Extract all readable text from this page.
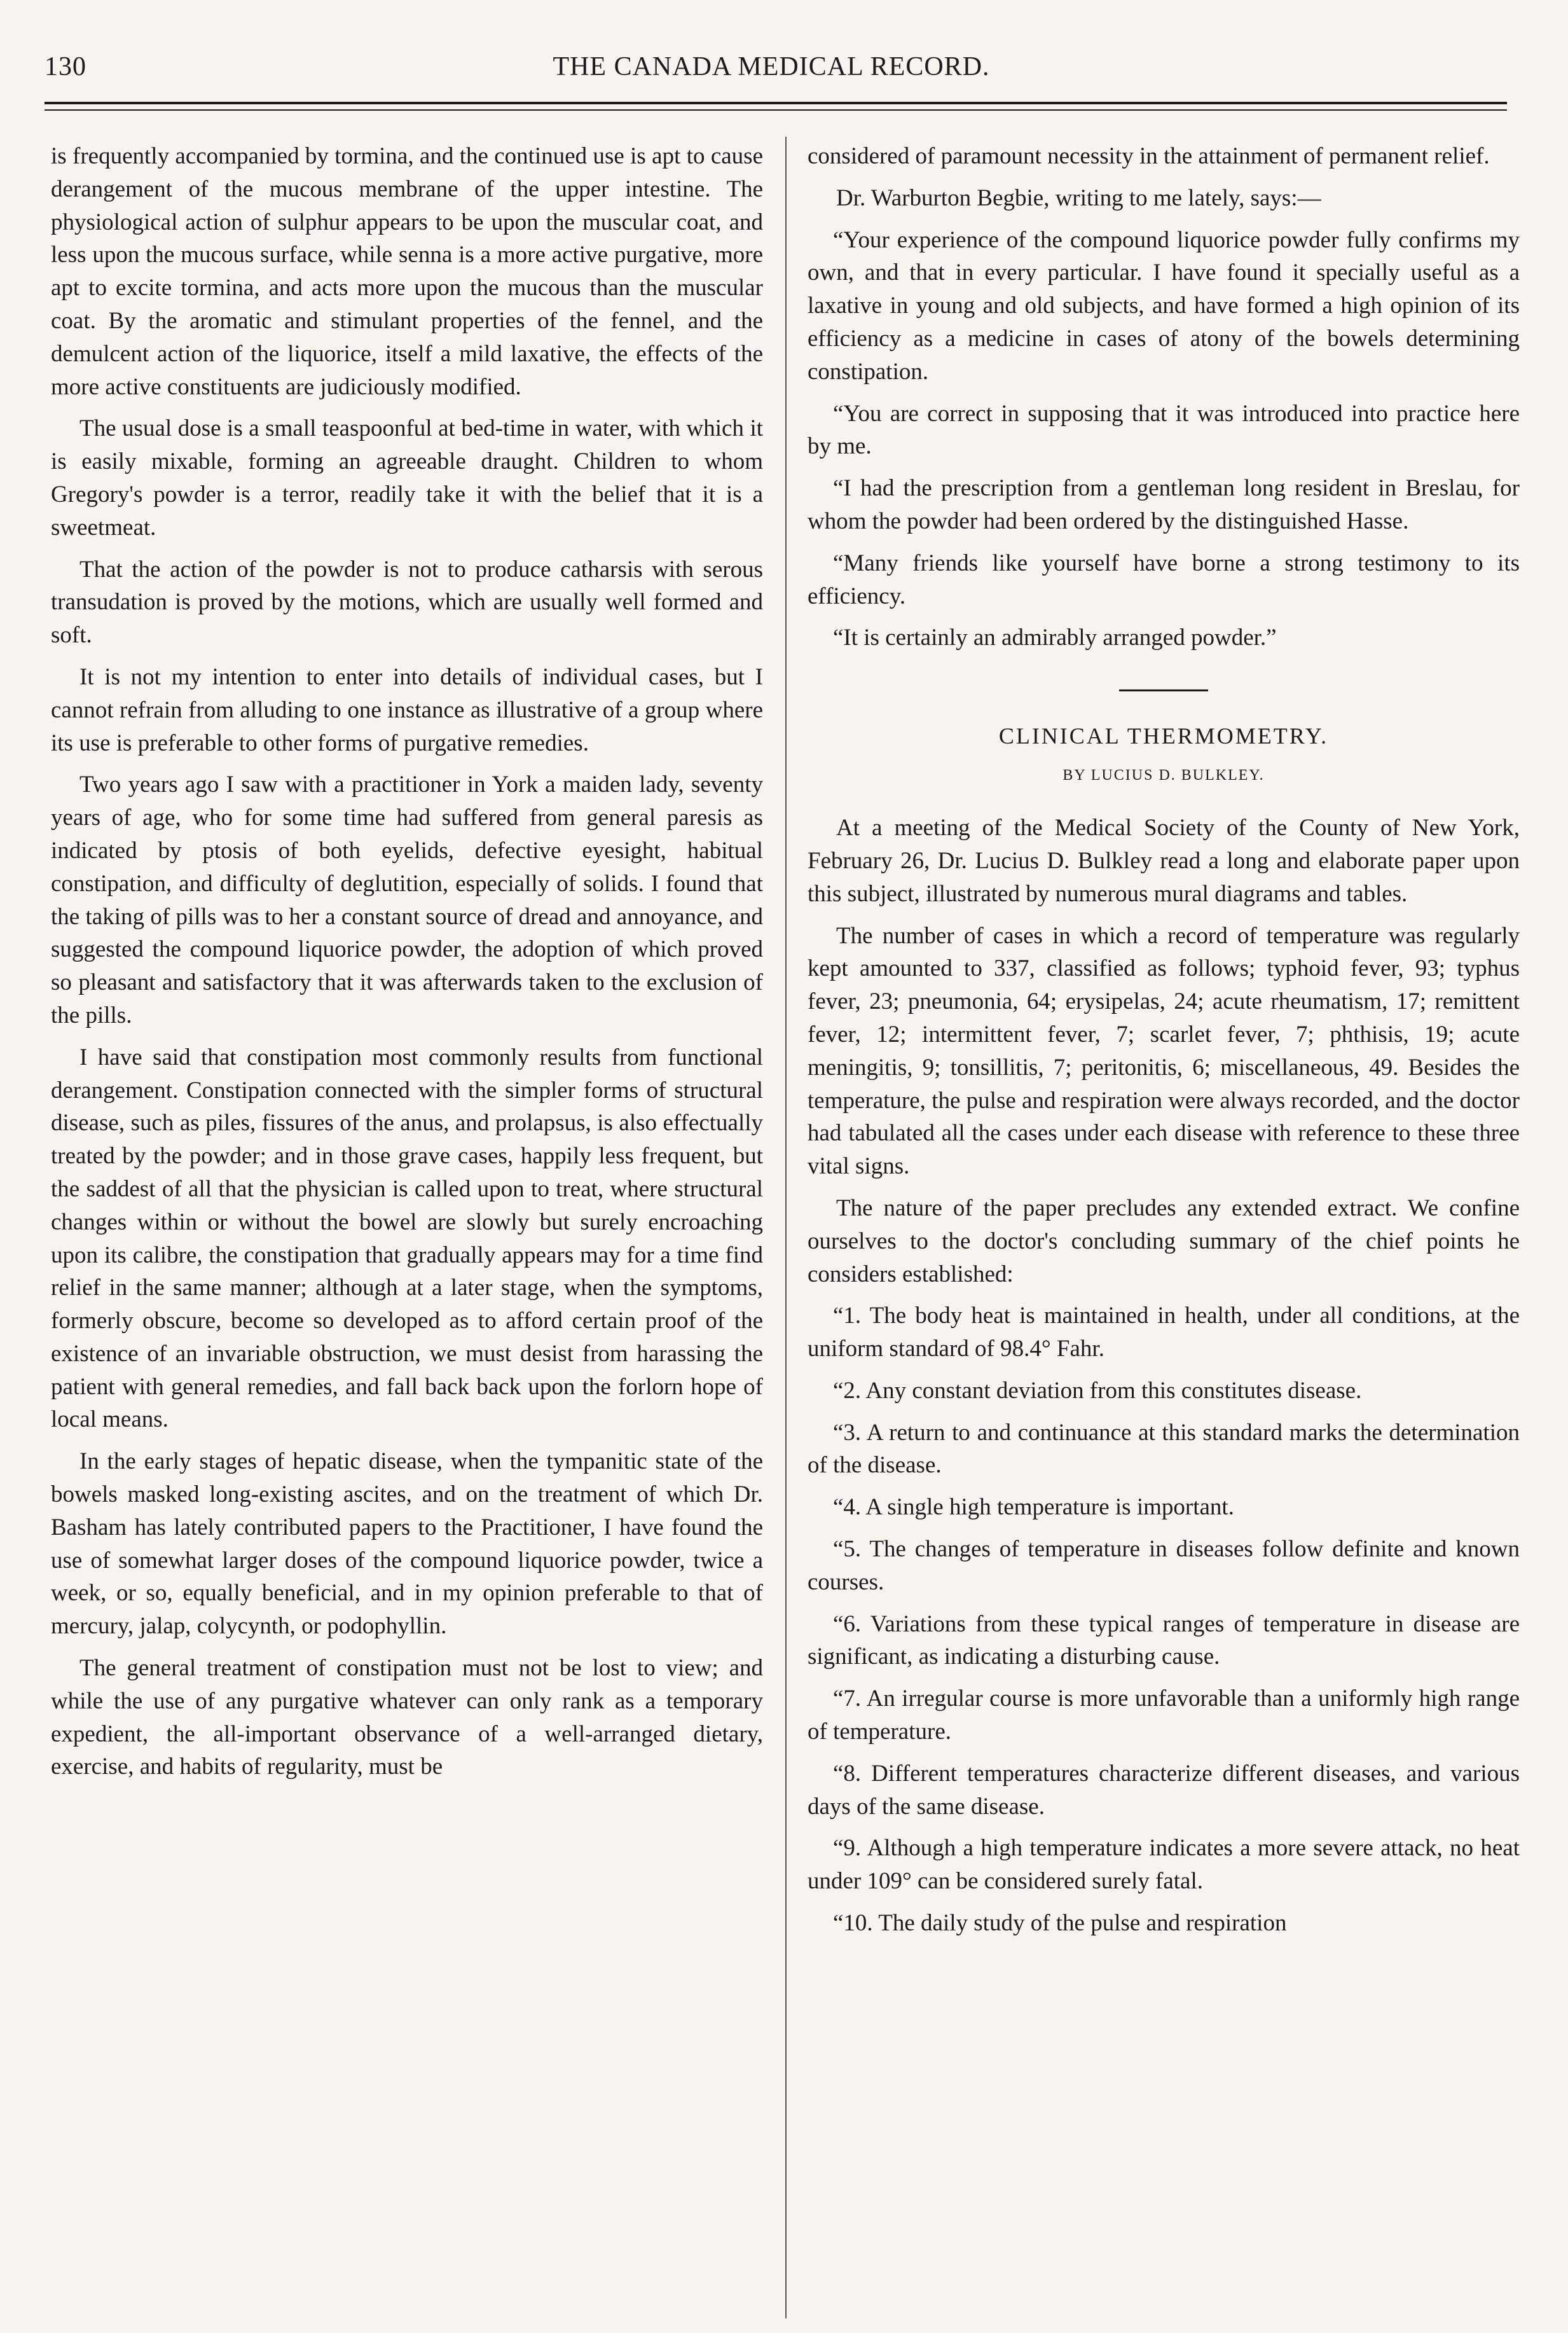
130	THE CANADA MEDICAL RECORD.

is frequently accompanied by tormina, and the continued use is apt to cause derangement of the mucous membrane of the upper intestine. The physiological action of sulphur appears to be upon the muscular coat, and less upon the mucous surface, while senna is a more active purgative, more apt to excite tormina, and acts more upon the mucous than the muscular coat. By the aromatic and stimulant properties of the fennel, and the demulcent action of the liquorice, itself a mild laxative, the effects of the more active constituents are judiciously modified.

The usual dose is a small teaspoonful at bed-time in water, with which it is easily mixable, forming an agreeable draught. Children to whom Gregory's powder is a terror, readily take it with the belief that it is a sweetmeat.

That the action of the powder is not to produce catharsis with serous transudation is proved by the motions, which are usually well formed and soft.

It is not my intention to enter into details of individual cases, but I cannot refrain from alluding to one instance as illustrative of a group where its use is preferable to other forms of purgative remedies.

Two years ago I saw with a practitioner in York a maiden lady, seventy years of age, who for some time had suffered from general paresis as indicated by ptosis of both eyelids, defective eyesight, habitual constipation, and difficulty of deglutition, especially of solids. I found that the taking of pills was to her a constant source of dread and annoyance, and suggested the compound liquorice powder, the adoption of which proved so pleasant and satisfactory that it was afterwards taken to the exclusion of the pills.

I have said that constipation most commonly results from functional derangement. Constipation connected with the simpler forms of structural disease, such as piles, fissures of the anus, and prolapsus, is also effectually treated by the powder; and in those grave cases, happily less frequent, but the saddest of all that the physician is called upon to treat, where structural changes within or without the bowel are slowly but surely encroaching upon its calibre, the constipation that gradually appears may for a time find relief in the same manner; although at a later stage, when the symptoms, formerly obscure, become so developed as to afford certain proof of the existence of an invariable obstruction, we must desist from harassing the patient with general remedies, and fall back back upon the forlorn hope of local means.

In the early stages of hepatic disease, when the tympanitic state of the bowels masked long-existing ascites, and on the treatment of which Dr. Basham has lately contributed papers to the Practitioner, I have found the use of somewhat larger doses of the compound liquorice powder, twice a week, or so, equally beneficial, and in my opinion preferable to that of mercury, jalap, colycynth, or podophyllin.

The general treatment of constipation must not be lost to view; and while the use of any purgative whatever can only rank as a temporary expedient, the all-important observance of a well-arranged dietary, exercise, and habits of regularity, must be

considered of paramount necessity in the attainment of permanent relief.

Dr. Warburton Begbie, writing to me lately, says:—

“Your experience of the compound liquorice powder fully confirms my own, and that in every particular. I have found it specially useful as a laxative in young and old subjects, and have formed a high opinion of its efficiency as a medicine in cases of atony of the bowels determining constipation.

“You are correct in supposing that it was introduced into practice here by me.

“I had the prescription from a gentleman long resident in Breslau, for whom the powder had been ordered by the distinguished Hasse.

“Many friends like yourself have borne a strong testimony to its efficiency.

“It is certainly an admirably arranged powder.”

CLINICAL THERMOMETRY.
BY LUCIUS D. BULKLEY.

At a meeting of the Medical Society of the County of New York, February 26, Dr. Lucius D. Bulkley read a long and elaborate paper upon this subject, illustrated by numerous mural diagrams and tables.

The number of cases in which a record of temperature was regularly kept amounted to 337, classified as follows; typhoid fever, 93; typhus fever, 23; pneumonia, 64; erysipelas, 24; acute rheumatism, 17; remittent fever, 12; intermittent fever, 7; scarlet fever, 7; phthisis, 19; acute meningitis, 9; tonsillitis, 7; peritonitis, 6; miscellaneous, 49. Besides the temperature, the pulse and respiration were always recorded, and the doctor had tabulated all the cases under each disease with reference to these three vital signs.

The nature of the paper precludes any extended extract. We confine ourselves to the doctor's concluding summary of the chief points he considers established:

“1. The body heat is maintained in health, under all conditions, at the uniform standard of 98.4° Fahr.

“2. Any constant deviation from this constitutes disease.

“3. A return to and continuance at this standard marks the determination of the disease.

“4. A single high temperature is important.

“5. The changes of temperature in diseases follow definite and known courses.

“6. Variations from these typical ranges of temperature in disease are significant, as indicating a disturbing cause.

“7. An irregular course is more unfavorable than a uniformly high range of temperature.

“8. Different temperatures characterize different diseases, and various days of the same disease.

“9. Although a high temperature indicates a more severe attack, no heat under 109° can be considered surely fatal.

“10. The daily study of the pulse and respiration
